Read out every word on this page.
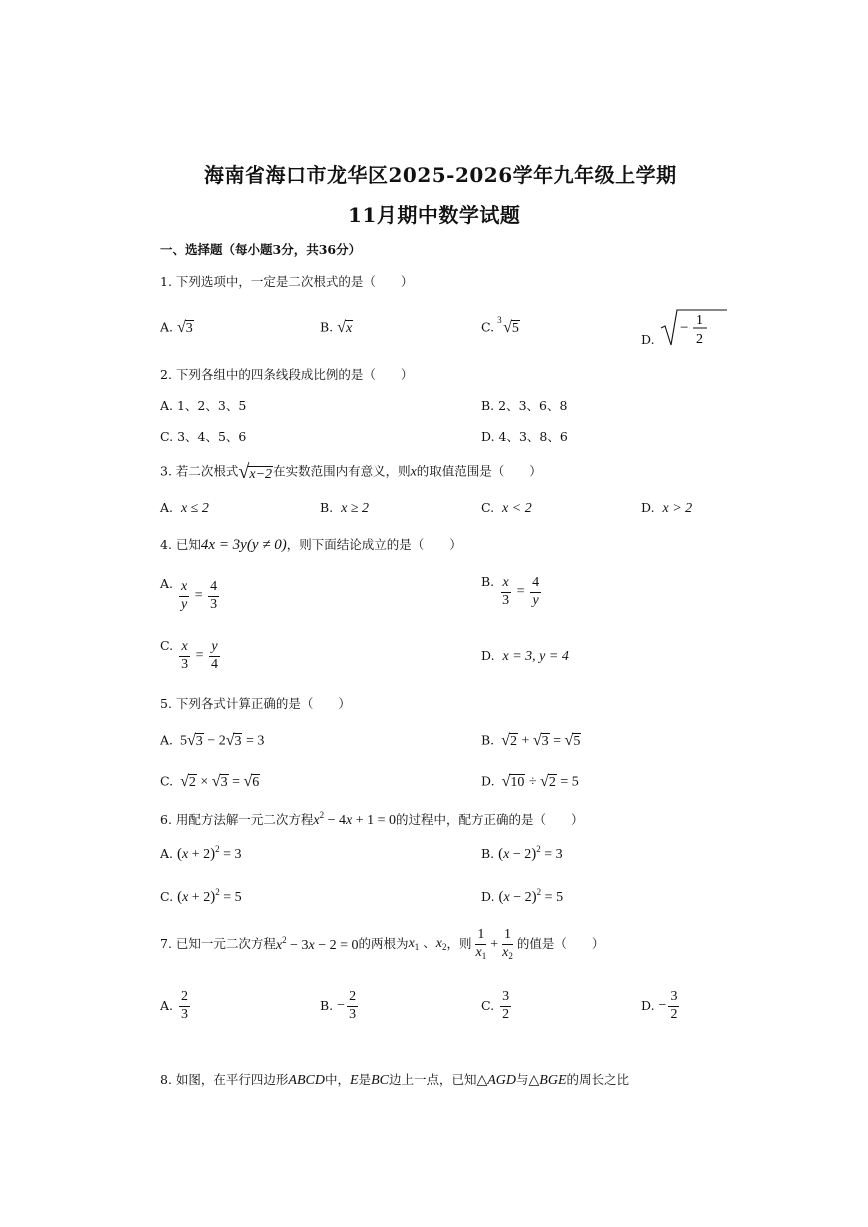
海南省海口市龙华区2025-2026学年九年级上学期
11月期中数学试题
一、选择题（每小题3分，共36分）
1. 下列选项中，一定是二次根式的是（　　）
A. √ 3	B. √ x	C. 3 √ 5
D.
− 1
2
2. 下列各组中的四条线段成比例的是（　　）
A. 1、2、3、5	B. 2、3、6、8
C. 3、4、5、6	D. 4、3、8、6
3. 若二次根式 √ x−2 在实数范围内有意义，则x的取值范围是（　　）
A. x ≤ 2	B. x ≥ 2	C. x < 2	D. x > 2
4. 已知4x = 3y(y ≠ 0)，则下面结论成立的是（　　）
A. $\frac{x}{y} = \frac{4}{3}$	B. $\frac{x}{3} = \frac{4}{y}$
C. $\frac{x}{3} = \frac{y}{4}$	D. x = 3, y = 4
5. 下列各式计算正确的是（　　）
A. 5 √ 3 − 2 √ 3 = 3	B. √ 2 + √ 3 = √ 5
C. √ 2 × √ 3 = √ 6	D. √ 10 ÷ √ 2 = 5
6. 用配方法解一元二次方程$x^2 - 4x + 1 = 0$的过程中，配方正确的是（　　）
A. $(x + 2)^2 = 3$	B. $(x - 2)^2 = 3$
C. $(x + 2)^2 = 5$	D. $(x - 2)^2 = 5$
7. 已知一元二次方程 $x^2 - 3x - 2 = 0$ 的两根为 $x_1$ 、$x_2$ ，则 $\frac{1}{x_1} + \frac{1}{x_2}$ 的值是（　　）
A.
$\frac{2}{3}$	B.
− $\frac{2}{3}$	C.
$\frac{3}{2}$	D.
− $\frac{3}{2}$
8. 如图，在平行四边形ABCD中，E是BC边上一点，已知△AGD与△BGE的周长之比
